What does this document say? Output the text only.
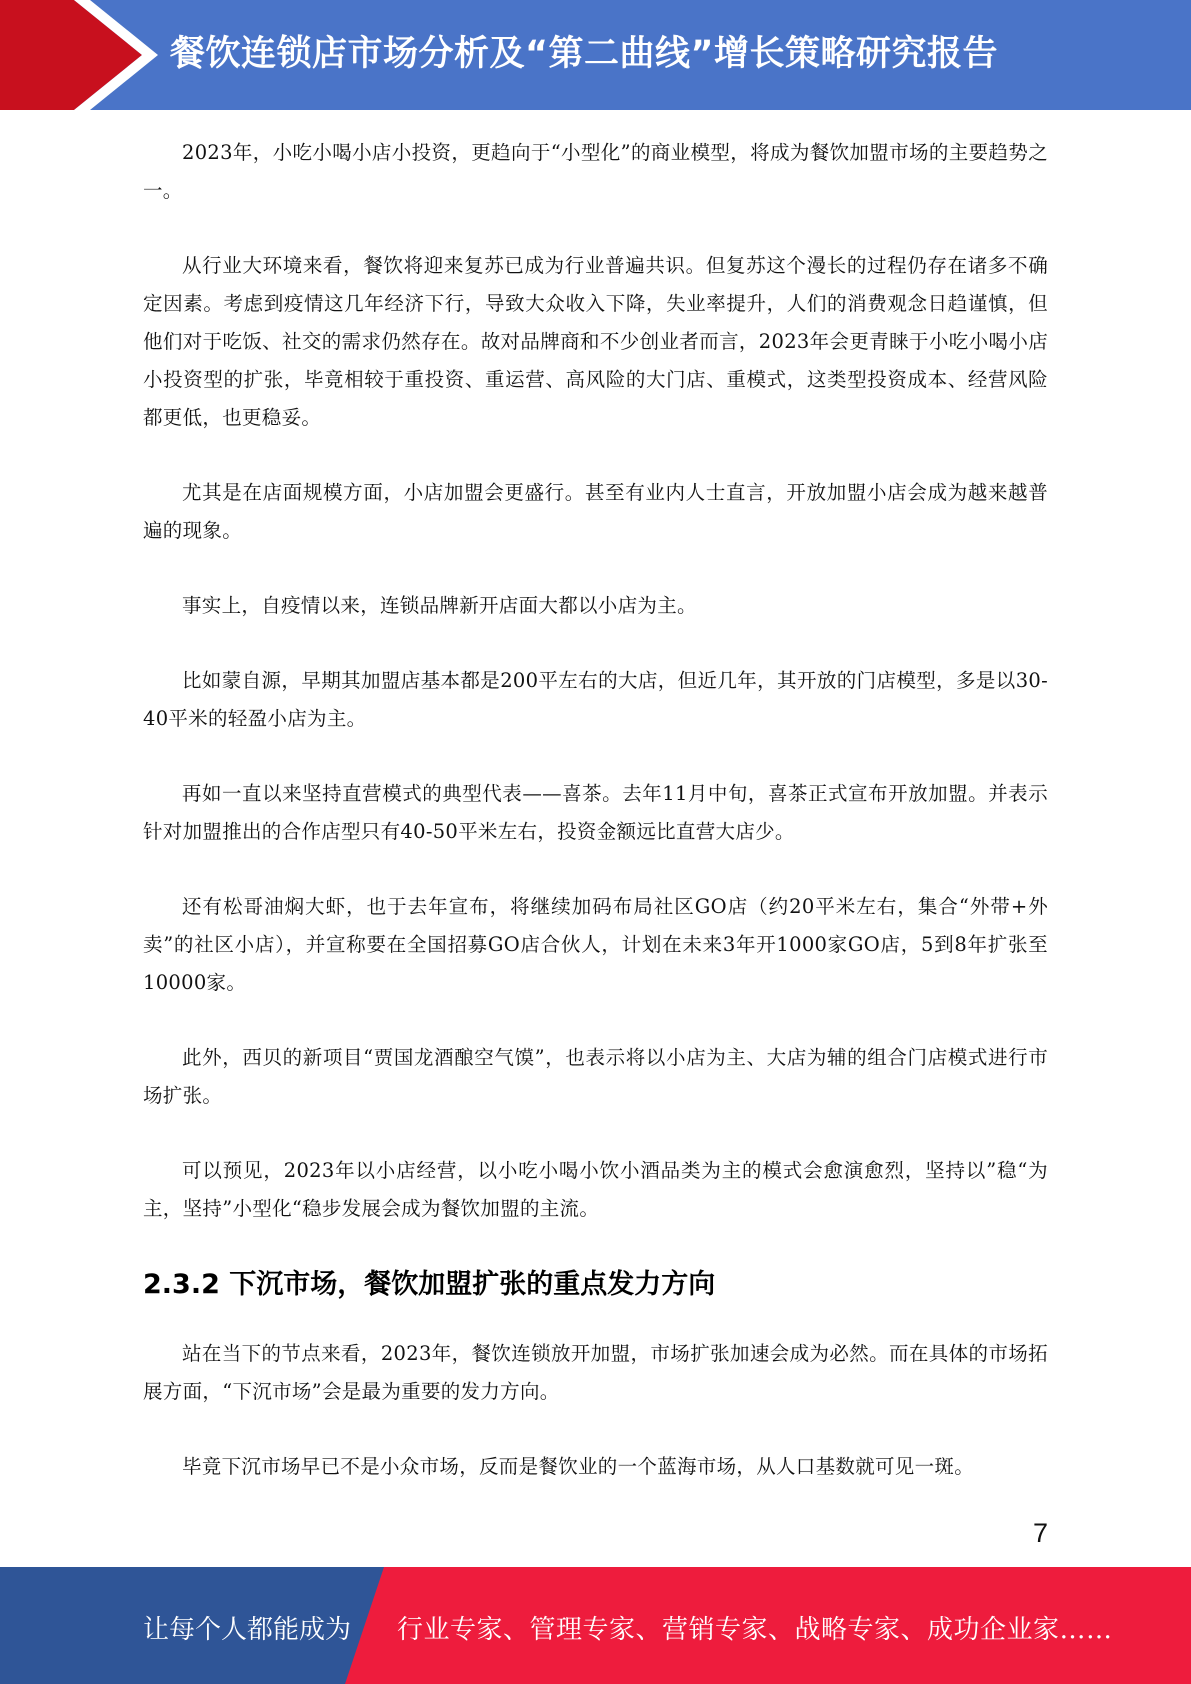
餐饮连锁店市场分析及“第二曲线”增长策略研究报告

2023年，小吃小喝小店小投资，更趋向于“小型化”的商业模型，将成为餐饮加盟市场的主要趋势之一。

从行业大环境来看，餐饮将迎来复苏已成为行业普遍共识。但复苏这个漫长的过程仍存在诸多不确定因素。考虑到疫情这几年经济下行，导致大众收入下降，失业率提升，人们的消费观念日趋谨慎，但他们对于吃饭、社交的需求仍然存在。故对品牌商和不少创业者而言，2023年会更青睐于小吃小喝小店小投资型的扩张，毕竟相较于重投资、重运营、高风险的大门店、重模式，这类型投资成本、经营风险都更低，也更稳妥。

尤其是在店面规模方面，小店加盟会更盛行。甚至有业内人士直言，开放加盟小店会成为越来越普遍的现象。

事实上，自疫情以来，连锁品牌新开店面大都以小店为主。

比如蒙自源，早期其加盟店基本都是200平左右的大店，但近几年，其开放的门店模型，多是以30-40平米的轻盈小店为主。

再如一直以来坚持直营模式的典型代表——喜茶。去年11月中旬，喜茶正式宣布开放加盟。并表示针对加盟推出的合作店型只有40-50平米左右，投资金额远比直营大店少。

还有松哥油焖大虾，也于去年宣布，将继续加码布局社区GO店（约20平米左右，集合“外带+外卖”的社区小店），并宣称要在全国招募GO店合伙人，计划在未来3年开1000家GO店，5到8年扩张至10000家。

此外，西贝的新项目“贾国龙酒酿空气馍”，也表示将以小店为主、大店为辅的组合门店模式进行市场扩张。

可以预见，2023年以小店经营，以小吃小喝小饮小酒品类为主的模式会愈演愈烈，坚持以”稳“为主，坚持”小型化“稳步发展会成为餐饮加盟的主流。

2.3.2 下沉市场，餐饮加盟扩张的重点发力方向

站在当下的节点来看，2023年，餐饮连锁放开加盟，市场扩张加速会成为必然。而在具体的市场拓展方面，“下沉市场”会是最为重要的发力方向。

毕竟下沉市场早已不是小众市场，反而是餐饮业的一个蓝海市场，从人口基数就可见一斑。

7
让每个人都能成为 行业专家、管理专家、营销专家、战略专家、成功企业家……
